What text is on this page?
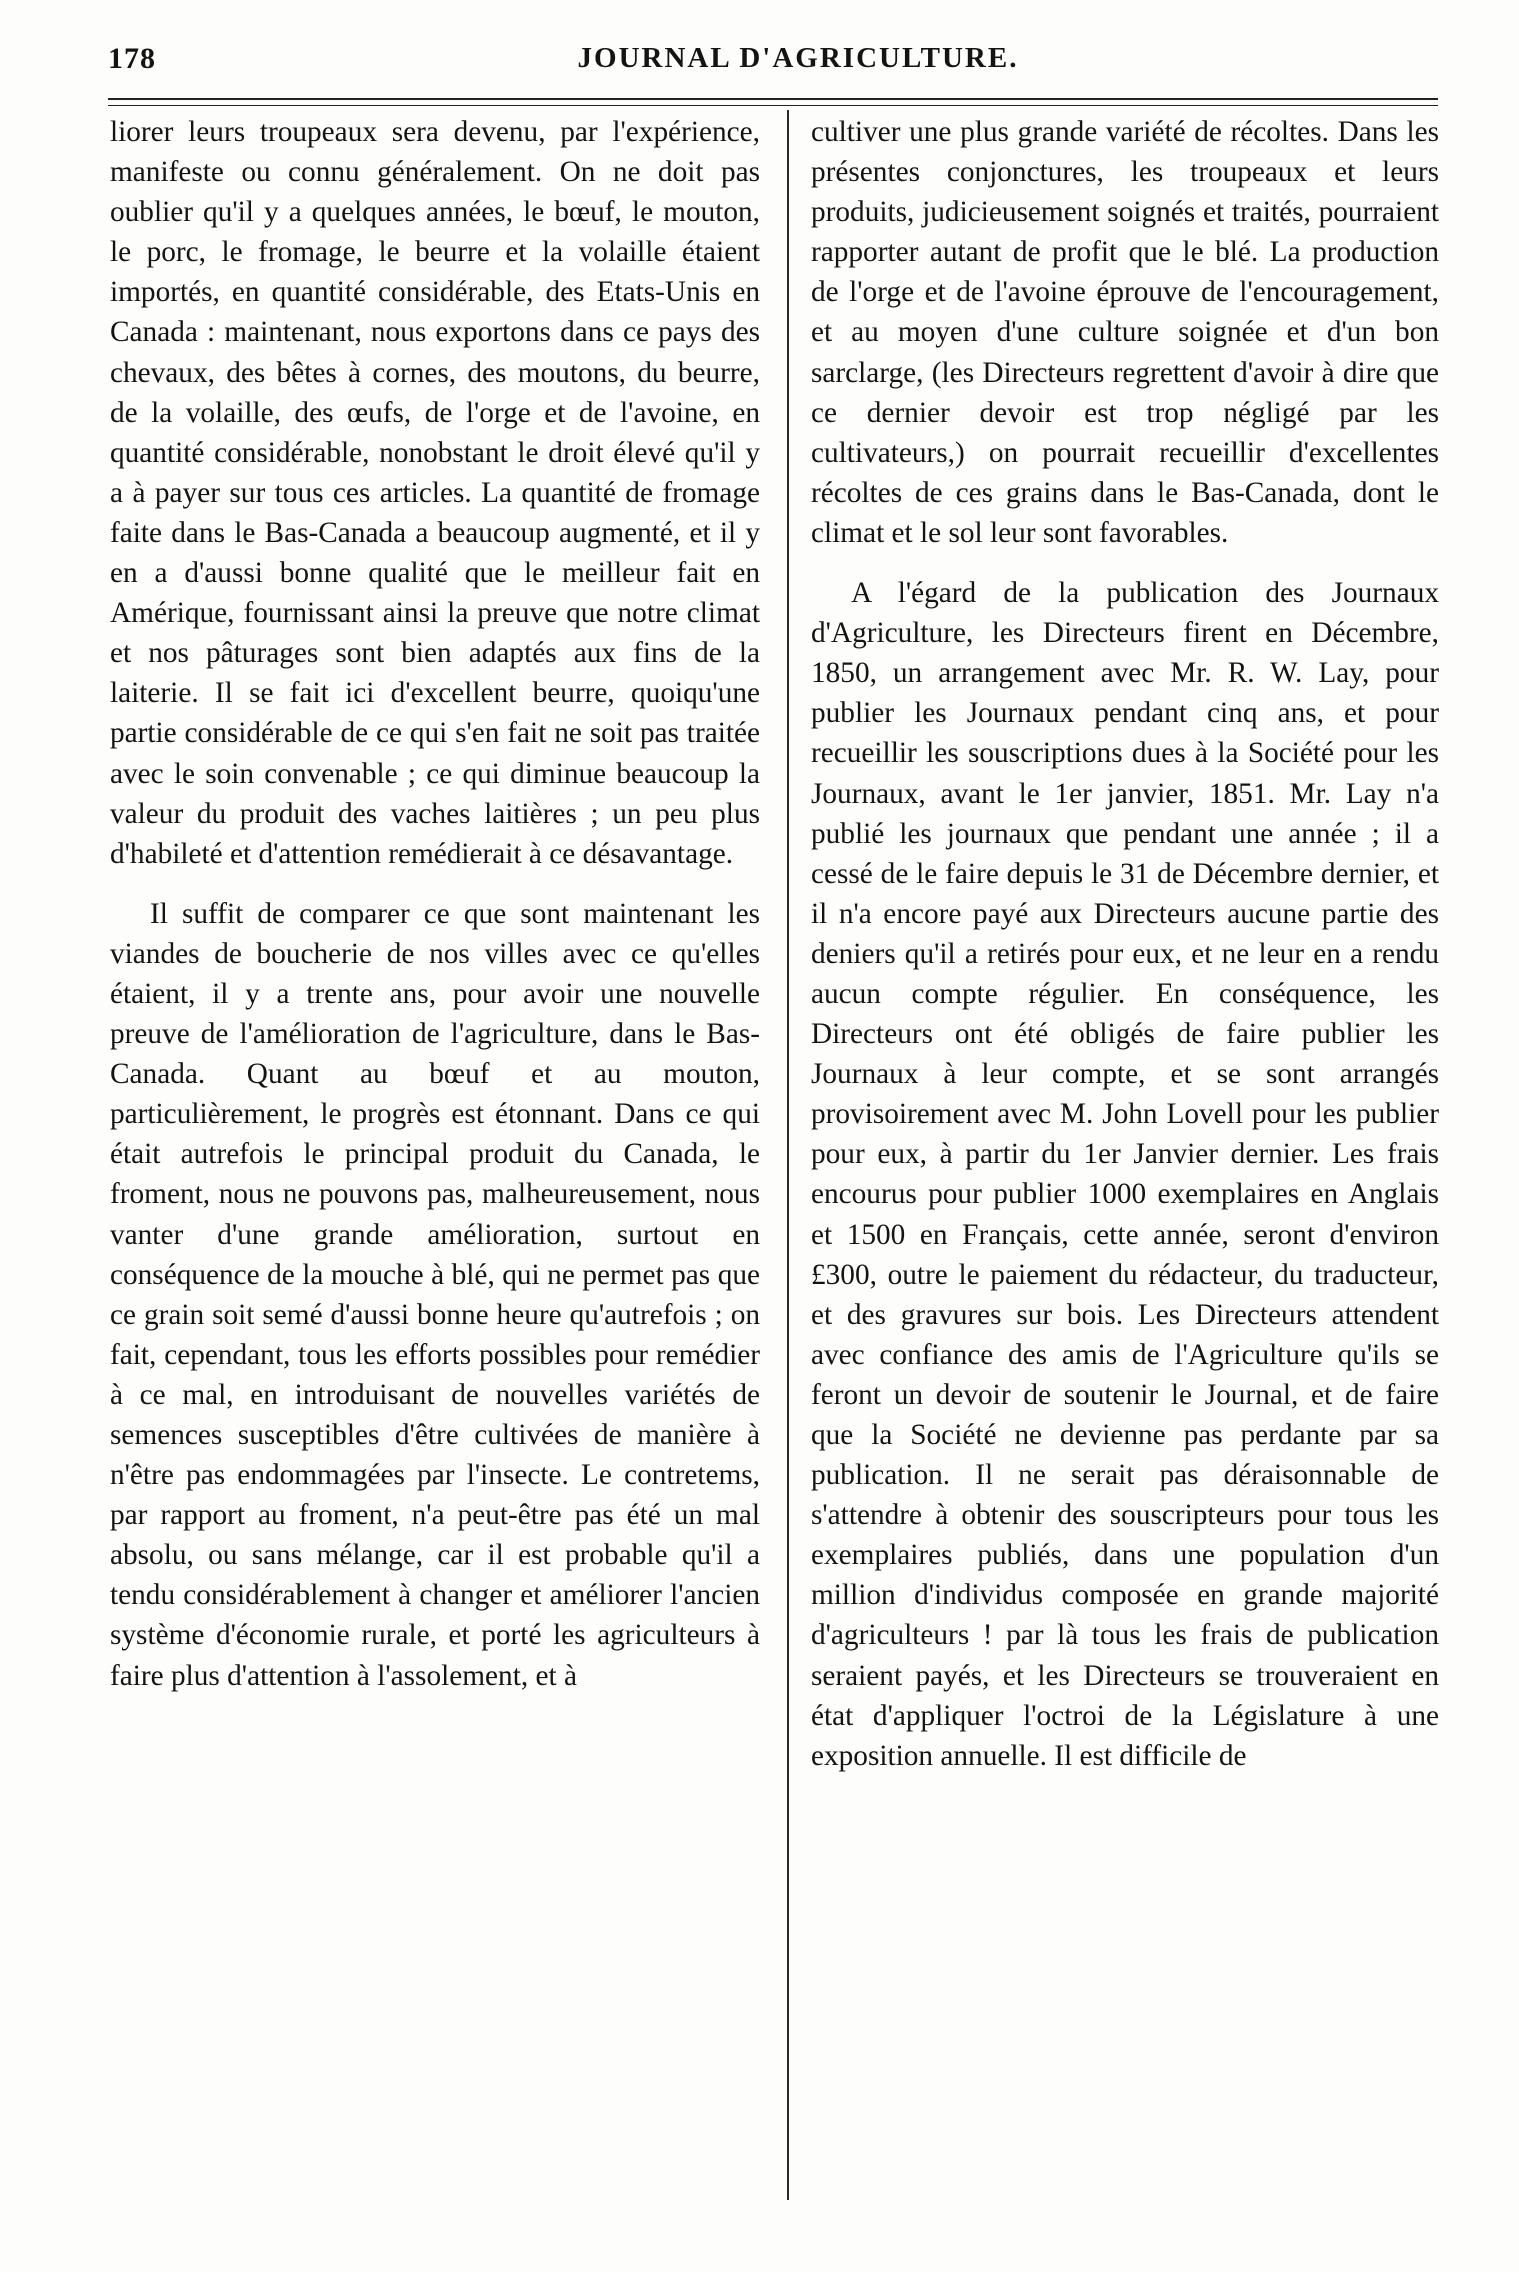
178	JOURNAL D'AGRICULTURE.

liorer leurs troupeaux sera devenu, par l'expérience, manifeste ou connu généralement. On ne doit pas oublier qu'il y a quelques années, le bœuf, le mouton, le porc, le fromage, le beurre et la volaille étaient importés, en quantité considérable, des Etats-Unis en Canada : maintenant, nous exportons dans ce pays des chevaux, des bêtes à cornes, des moutons, du beurre, de la volaille, des œufs, de l'orge et de l'avoine, en quantité considérable, nonobstant le droit élevé qu'il y a à payer sur tous ces articles. La quantité de fromage faite dans le Bas-Canada a beaucoup augmenté, et il y en a d'aussi bonne qualité que le meilleur fait en Amérique, fournissant ainsi la preuve que notre climat et nos pâturages sont bien adaptés aux fins de la laiterie. Il se fait ici d'excellent beurre, quoiqu'une partie considérable de ce qui s'en fait ne soit pas traitée avec le soin convenable ; ce qui diminue beaucoup la valeur du produit des vaches laitières ; un peu plus d'habileté et d'attention remédierait à ce désavantage.

Il suffit de comparer ce que sont maintenant les viandes de boucherie de nos villes avec ce qu'elles étaient, il y a trente ans, pour avoir une nouvelle preuve de l'amélioration de l'agriculture, dans le Bas-Canada. Quant au bœuf et au mouton, particulièrement, le progrès est étonnant. Dans ce qui était autrefois le principal produit du Canada, le froment, nous ne pouvons pas, malheureusement, nous vanter d'une grande amélioration, surtout en conséquence de la mouche à blé, qui ne permet pas que ce grain soit semé d'aussi bonne heure qu'autrefois ; on fait, cependant, tous les efforts possibles pour remédier à ce mal, en introduisant de nouvelles variétés de semences susceptibles d'être cultivées de manière à n'être pas endommagées par l'insecte. Le contretems, par rapport au froment, n'a peut-être pas été un mal absolu, ou sans mélange, car il est probable qu'il a tendu considérablement à changer et améliorer l'ancien système d'économie rurale, et porté les agriculteurs à faire plus d'attention à l'assolement, et à

cultiver une plus grande variété de récoltes. Dans les présentes conjonctures, les troupeaux et leurs produits, judicieusement soignés et traités, pourraient rapporter autant de profit que le blé. La production de l'orge et de l'avoine éprouve de l'encouragement, et au moyen d'une culture soignée et d'un bon sarclarge, (les Directeurs regrettent d'avoir à dire que ce dernier devoir est trop négligé par les cultivateurs,) on pourrait recueillir d'excellentes récoltes de ces grains dans le Bas-Canada, dont le climat et le sol leur sont favorables.

A l'égard de la publication des Journaux d'Agriculture, les Directeurs firent en Décembre, 1850, un arrangement avec Mr. R. W. Lay, pour publier les Journaux pendant cinq ans, et pour recueillir les souscriptions dues à la Société pour les Journaux, avant le 1er janvier, 1851. Mr. Lay n'a publié les journaux que pendant une année ; il a cessé de le faire depuis le 31 de Décembre dernier, et il n'a encore payé aux Directeurs aucune partie des deniers qu'il a retirés pour eux, et ne leur en a rendu aucun compte régulier. En conséquence, les Directeurs ont été obligés de faire publier les Journaux à leur compte, et se sont arrangés provisoirement avec M. John Lovell pour les publier pour eux, à partir du 1er Janvier dernier. Les frais encourus pour publier 1000 exemplaires en Anglais et 1500 en Français, cette année, seront d'environ £300, outre le paiement du rédacteur, du traducteur, et des gravures sur bois. Les Directeurs attendent avec confiance des amis de l'Agriculture qu'ils se feront un devoir de soutenir le Journal, et de faire que la Société ne devienne pas perdante par sa publication. Il ne serait pas déraisonnable de s'attendre à obtenir des souscripteurs pour tous les exemplaires publiés, dans une population d'un million d'individus composée en grande majorité d'agriculteurs ! par là tous les frais de publication seraient payés, et les Directeurs se trouveraient en état d'appliquer l'octroi de la Législature à une exposition annuelle. Il est difficile de
